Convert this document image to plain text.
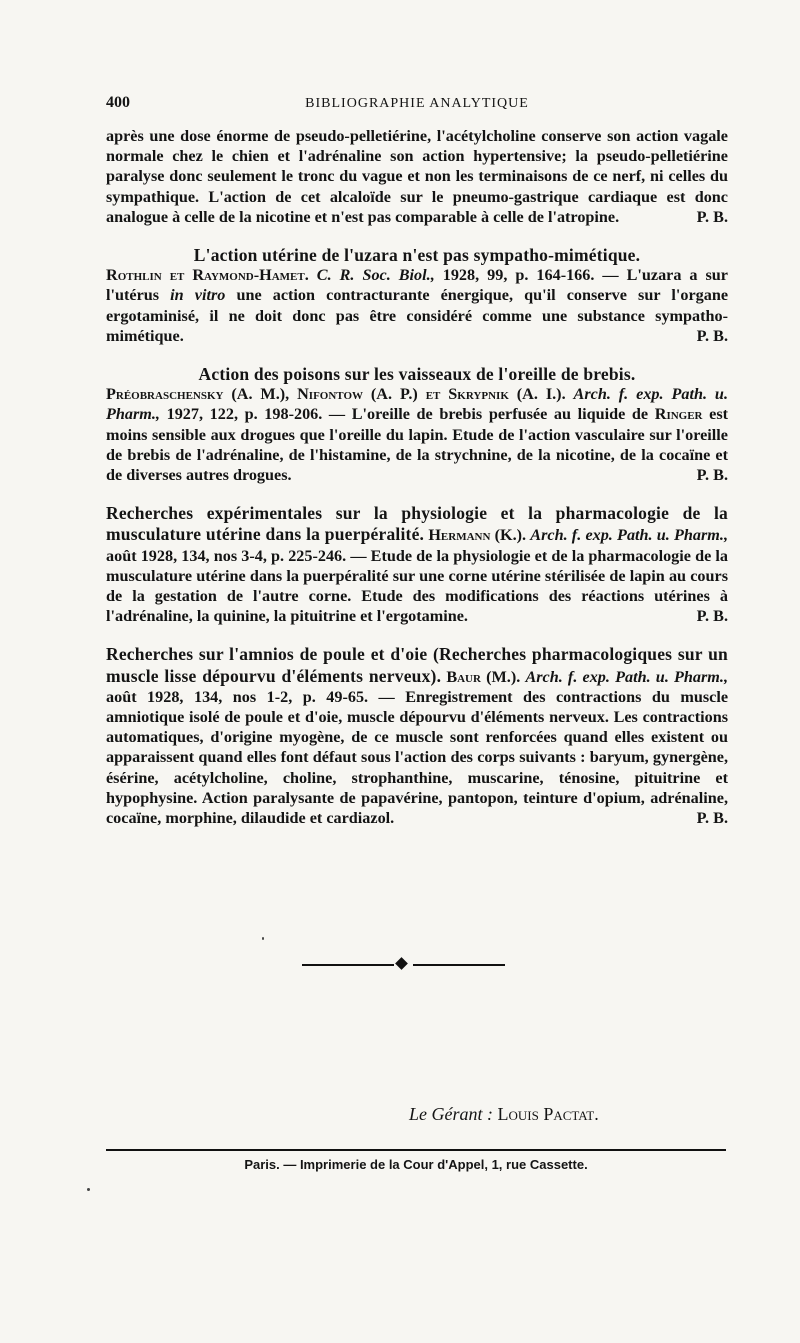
400	BIBLIOGRAPHIE ANALYTIQUE

après une dose énorme de pseudo-pelletiérine, l'acétylcholine conserve son action vagale normale chez le chien et l'adrénaline son action hypertensive; la pseudo-pelletiérine paralyse donc seulement le tronc du vague et non les terminaisons de ce nerf, ni celles du sympathique. L'action de cet alcaloïde sur le pneumo-gastrique cardiaque est donc analogue à celle de la nicotine et n'est pas comparable à celle de l'atropine.	P. B.

L'action utérine de l'uzara n'est pas sympatho-mimétique.
Rothlin et Raymond-Hamet. C. R. Soc. Biol., 1928, 99, p. 164-166. — L'uzara a sur l'utérus in vitro une action contracturante énergique, qu'il conserve sur l'organe ergotaminisé, il ne doit donc pas être considéré comme une substance sympatho-mimétique.	P. B.

Action des poisons sur les vaisseaux de l'oreille de brebis.
Préobraschensky (A. M.), Nifontow (A. P.) et Skrypnik (A. I.). Arch. f. exp. Path. u. Pharm., 1927, 122, p. 198-206. — L'oreille de brebis perfusée au liquide de Ringer est moins sensible aux drogues que l'oreille du lapin. Etude de l'action vasculaire sur l'oreille de brebis de l'adrénaline, de l'histamine, de la strychnine, de la nicotine, de la cocaïne et de diverses autres drogues.	P. B.

Recherches expérimentales sur la physiologie et la pharmacologie de la musculature utérine dans la puerpéralité. Hermann (K.). Arch. f. exp. Path. u. Pharm., août 1928, 134, nos 3-4, p. 225-246. — Etude de la physiologie et de la pharmacologie de la musculature utérine dans la puerpéralité sur une corne utérine stérilisée de lapin au cours de la gestation de l'autre corne. Etude des modifications des réactions utérines à l'adrénaline, la quinine, la pituitrine et l'ergotamine.	P. B.

Recherches sur l'amnios de poule et d'oie (Recherches pharmacologiques sur un muscle lisse dépourvu d'éléments nerveux). Baur (M.). Arch. f. exp. Path. u. Pharm., août 1928, 134, nos 1-2, p. 49-65. — Enregistrement des contractions du muscle amniotique isolé de poule et d'oie, muscle dépourvu d'éléments nerveux. Les contractions automatiques, d'origine myogène, de ce muscle sont renforcées quand elles existent ou apparaissent quand elles font défaut sous l'action des corps suivants : baryum, gynergène, ésérine, acétylcholine, choline, strophanthine, muscarine, ténosine, pituitrine et hypophysine. Action paralysante de papavérine, pantopon, teinture d'opium, adrénaline, cocaïne, morphine, dilaudide et cardiazol.	P. B.

Le Gérant : Louis Pactat.
Paris. — Imprimerie de la Cour d'Appel, 1, rue Cassette.
